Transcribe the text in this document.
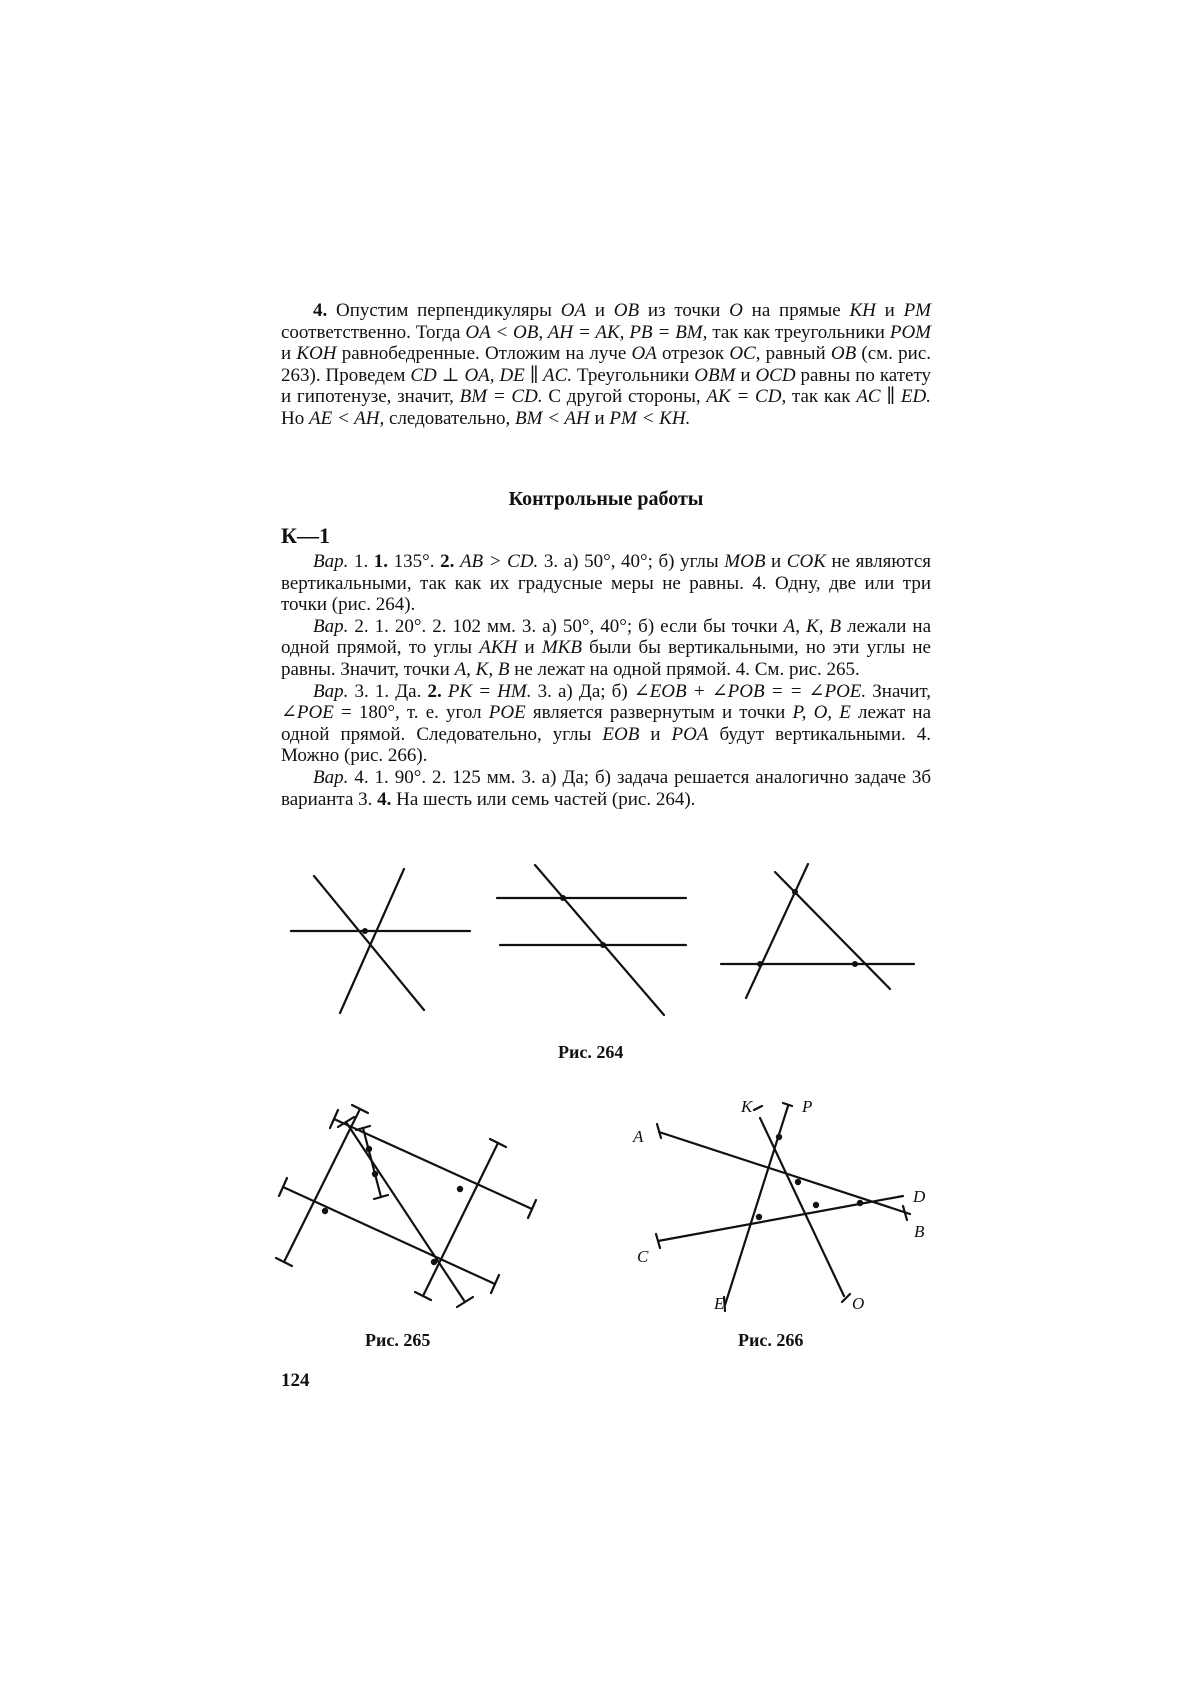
4. Опустим перпендикуляры OA и OB из точки O на прямые KH и PM соответственно. Тогда OA < OB, AH = AK, PB = BM, так как треугольники POM и KOH равнобедренные. Отложим на луче OA отрезок OC, равный OB (см. рис. 263). Проведем CD ⊥ OA, DE ∥ AC. Треугольники OBM и OCD равны по катету и гипотенузе, значит, BM = CD. С другой стороны, AK = CD, так как AC ∥ ED. Но AE < AH, следовательно, BM < AH и PM < KH.

Контрольные работы
К—1

Вар. 1. 1. 135°. 2. AB > CD. 3. а) 50°, 40°; б) углы MOB и COK не являются вертикальными, так как их градусные меры не равны. 4. Одну, две или три точки (рис. 264).

Вар. 2. 1. 20°. 2. 102 мм. 3. а) 50°, 40°; б) если бы точки A, K, B лежали на одной прямой, то углы AKH и MKB были бы вертикальными, но эти углы не равны. Значит, точки A, K, B не лежат на одной прямой. 4. См. рис. 265.

Вар. 3. 1. Да. 2. PK = HM. 3. а) Да; б) ∠EOB + ∠POB = = ∠POE. Значит, ∠POE = 180°, т. е. угол POE является развернутым и точки P, O, E лежат на одной прямой. Следовательно, углы EOB и POA будут вертикальными. 4. Можно (рис. 266).

Вар. 4. 1. 90°. 2. 125 мм. 3. а) Да; б) задача решается аналогично задаче 3б варианта 3. 4. На шесть или семь частей (рис. 264).

Рис. 264
Рис. 265
K	P
A
D
B
C
E	O
Рис. 266
124
